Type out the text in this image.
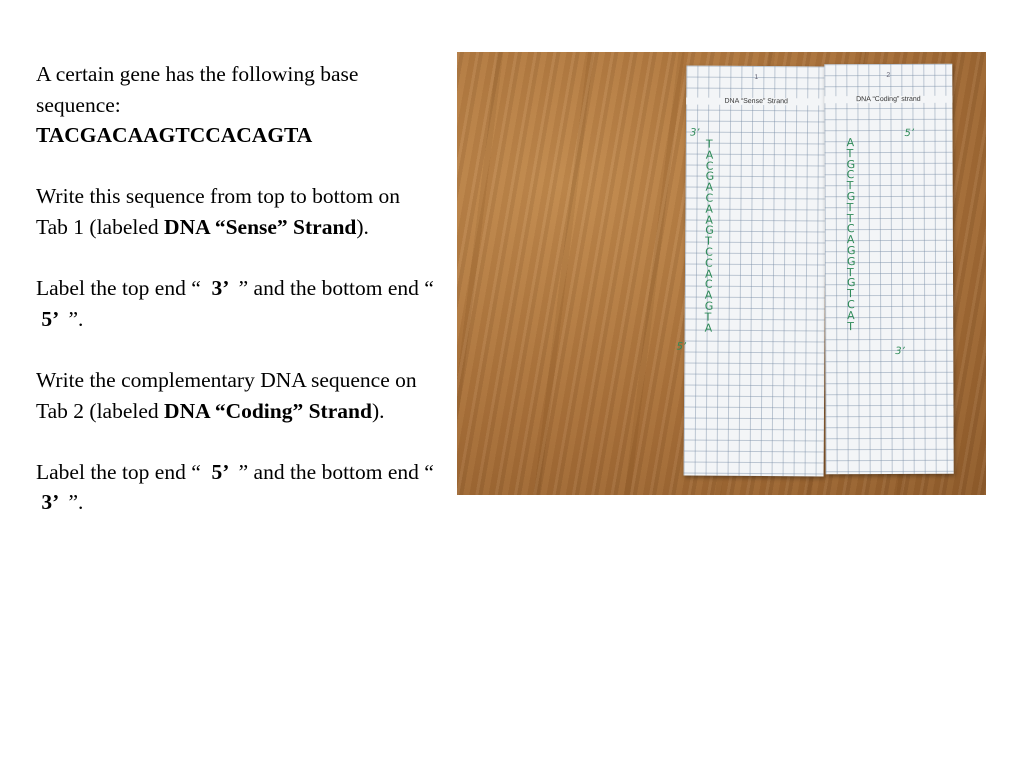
A certain gene has the following base sequence:
TACGACAAGTCCACAGTA

Write this sequence from top to bottom on Tab 1 (labeled DNA “Sense” Strand).

Label the top end “  3’  ” and the bottom end “  5’  ”.

Write the complementary DNA sequence on Tab 2 (labeled DNA “Coding” Strand).

Label the top end “  5’  ” and the bottom end “  3’  ”.

1
DNA “Sense” Strand
3’
T
A
C
G
A
C
A
A
G
T
C
C
A
C
A
G
T
A
5’
2
DNA “Coding” strand
5’
A
T
G
C
T
G
T
T
C
A
G
G
T
G
T
C
A
T
3’
